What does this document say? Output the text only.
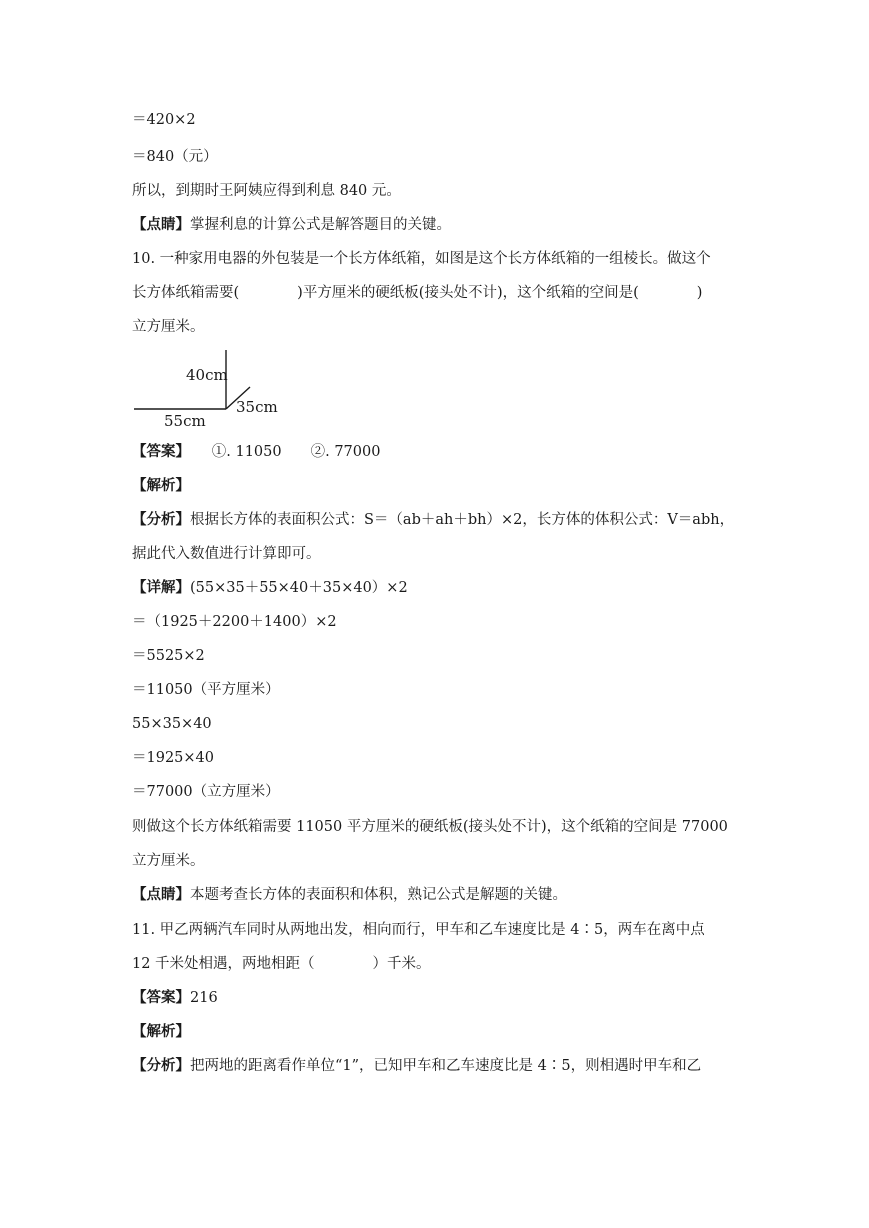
＝420×2
＝840（元）
所以，到期时王阿姨应得到利息 840 元。
【点睛】掌握利息的计算公式是解答题目的关键。
10. 一种家用电器的外包装是一个长方体纸箱，如图是这个长方体纸箱的一组棱长。做这个
长方体纸箱需要(　　　　)平方厘米的硬纸板(接头处不计)，这个纸箱的空间是(　　　　)
立方厘米。
40cm
35cm
55cm
【答案】　　①. 11050　　②. 77000
【解析】
【分析】根据长方体的表面积公式：S＝（ab＋ah＋bh）×2，长方体的体积公式：V＝abh，
据此代入数值进行计算即可。
【详解】(55×35＋55×40＋35×40）×2
＝（1925＋2200＋1400）×2
＝5525×2
＝11050（平方厘米）
55×35×40
＝1925×40
＝77000（立方厘米）
则做这个长方体纸箱需要 11050 平方厘米的硬纸板(接头处不计)，这个纸箱的空间是 77000
立方厘米。
【点睛】本题考查长方体的表面积和体积，熟记公式是解题的关键。
11. 甲乙两辆汽车同时从两地出发，相向而行，甲车和乙车速度比是 4∶5，两车在离中点
12 千米处相遇，两地相距（　　　　）千米。
【答案】216
【解析】
【分析】把两地的距离看作单位“1”，已知甲车和乙车速度比是 4∶5，则相遇时甲车和乙
